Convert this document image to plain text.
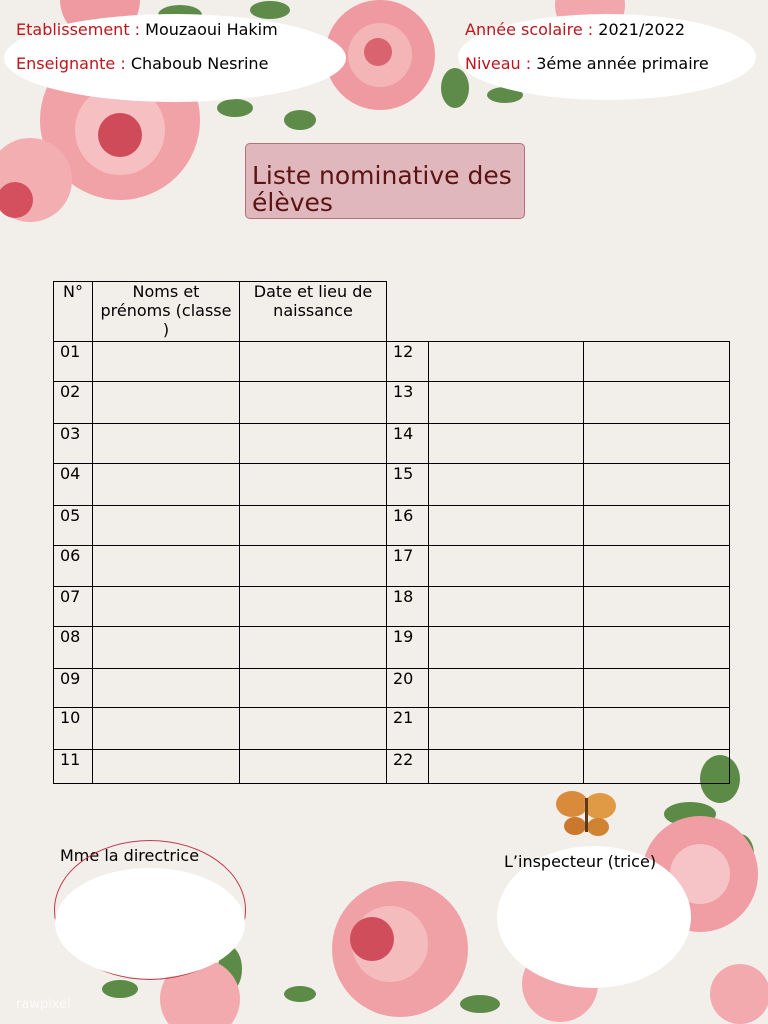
Etablissement : Mouzaoui Hakim
Enseignante : Chaboub Nesrine
Année scolaire : 2021/2022
Niveau : 3éme année primaire
Liste nominative des élèves
N°	Noms et prénoms (classe )	Date et lieu de naissance			
01			12		
02			13		
03			14		
04			15		
05			16		
06			17		
07			18		
08			19		
09			20		
10			21		
11			22		
Mme la directrice	L’inspecteur (trice)
rawpixel
